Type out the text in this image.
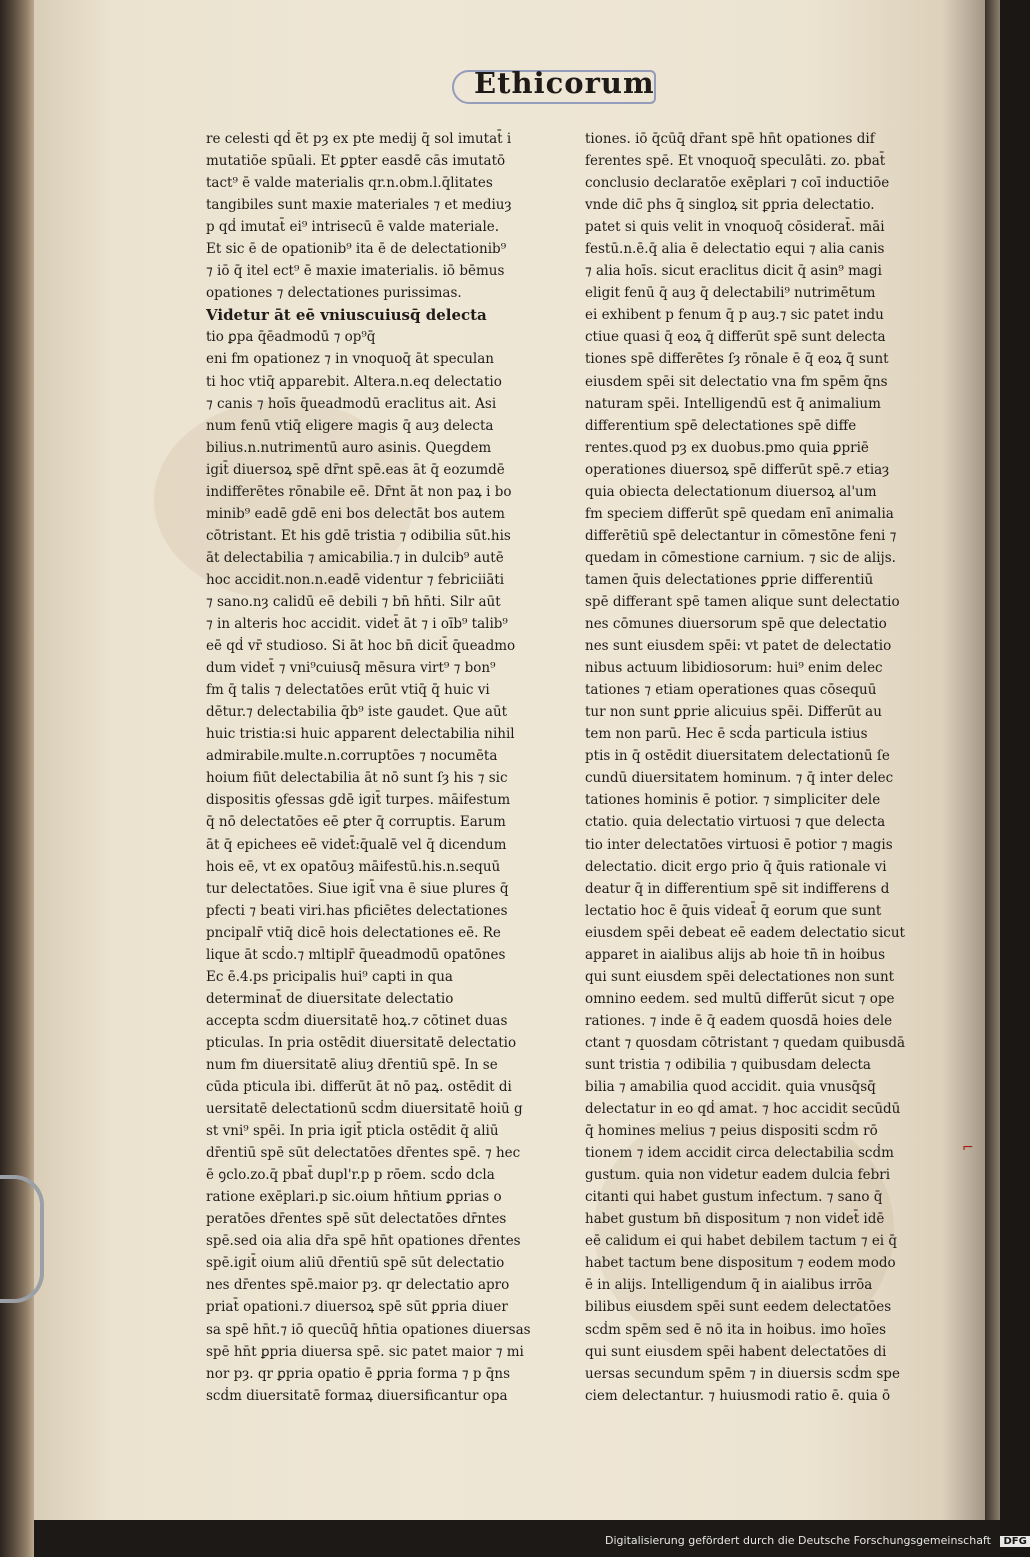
⌐
Ethicorum
re celesti qḋ ēt pȝ ex pte medij q̄ sol imutat̄ i
mutatiōe spūali. Et ꝑpter easdē cās imutatō
tact⁹ ē valde materialis qr.n.obm.l.q̄litates
tangibiles sunt maxie materiales ⁊ et mediuȝ
p qḋ imutat̄ ei⁹ intrisecū ē valde materiale.
Et sic ē de opationib⁹ ita ē de delectationib⁹
⁊ iō q̄ itel ect⁹ ē maxie imaterialis. iō bēmus
opationes ⁊ delectationes purissimas.
Videtur āt eē vniuscuiusq̄ delecta
tio ꝑpa q̄ēadmodū ⁊ op⁹q̄
eni fm opationez ⁊ in vnoquoq̄ āt speculan
ti hoc vtiq̄ apparebit. Altera.n.eq delectatio
⁊ canis ⁊ hoīs q̄ueadmodū eraclitus ait. Asi
num fenū vtiq̄ eligere magis q̄ auȝ delecta
bilius.n.nutrimentū auro asinis. Quegdem
igit̄ diuersoꝝ spē dr̄nt spē.eas āt q̄ eozumdē
indifferētes rōnabile eē. Dr̄nt āt non paꝝ i bo
minib⁹ eadē gdē eni bos delectāt bos autem
cōtristant. Et his gdē tristia ⁊ odibilia sūt.his
āt delectabilia ⁊ amicabilia.⁊ in dulcib⁹ autē
hoc accidit.non.n.eadē videntur ⁊ febriciiāti
⁊ sano.nȝ calidū eē debili ⁊ bn̄ hn̄ti. Silr aūt
⁊ in alteris hoc accidit. videt̄ āt ⁊ i oīb⁹ talib⁹
eē qḋ vr̄ studioso. Si āt hoc bn̄ dicit̄ q̄ueadmo
dum videt̄ ⁊ vni⁹cuiusq̄ mēsura virt⁹ ⁊ bon⁹
fm q̄ talis ⁊ delectatōes erūt vtiq̄ q̄ huic vi
dētur.⁊ delectabilia q̄b⁹ iste gaudet. Que aūt
huic tristia:si huic apparent delectabilia nihil
admirabile.multe.n.corruptōes ⁊ nocumēta
hoium fiūt delectabilia āt nō sunt ſȝ his ⁊ sic
dispositis ꝯfessas gdē igit̄ turpes. māifestum
q̄ nō delectatōes eē ꝑter q̄ corruptis. Earum
āt q̄ epichees eē videt̄:q̄ualē vel q̄ dicendum
hois eē, vt ex opatōuȝ māifestū.his.n.sequū
tur delectatōes. Siue igit̄ vna ē siue plures q̄
pfecti ⁊ beati viri.has pficiētes delectationes
pncipalr̄ vtiq̄ dicē hois delectationes eē. Re
lique āt scḋo.⁊ mltiplr̄ q̄ueadmodū opatōnes
Ec ē.4.ps pricipalis hui⁹ capti in qua
determinat̄ de diuersitate delectatio
accepta scḋm diuersitatē hoꝝ.⁊ cōtinet duas
pticulas. In pria ostēdit diuersitatē delectatio
num fm diuersitatē aliuȝ dr̄entiū spē. In se
cūda pticula ibi. differūt āt nō paꝝ. ostēdit di
uersitatē delectationū scḋm diuersitatē hoiū g
st vni⁹ spēi. In pria igit̄ pticla ostēdit q̄ aliū
dr̄entiū spē sūt delectatōes dr̄entes spē. ⁊ hec
ē ꝯclo.zo.q̄ pbat̄ dupl'r.p p rōem. scḋo dcla
ratione exēplari.p sic.oium hn̄tium ꝑprias o
peratōes dr̄entes spē sūt delectatōes dr̄ntes
spē.sed oia alia dr̄a spē hn̄t opationes dr̄entes
spē.igit̄ oium aliū dr̄entiū spē sūt delectatio
nes dr̄entes spē.maior pȝ. qr delectatio apro
priat̄ opationi.⁊ diuersoꝝ spē sūt ꝑpria diuer
sa spē hn̄t.⁊ iō quecūq̄ hn̄tia opationes diuersas
spē hn̄t ꝑpria diuersa spē. sic patet maior ⁊ mi
nor pȝ. qr ꝑpria opatio ē ꝑpria forma ⁊ p q̄ns
scḋm diuersitatē formaꝝ diuersificantur opa
tiones. iō q̄cūq̄ dr̄ant spē hn̄t opationes dif
ferentes spē. Et vnoquoq̄ speculāti. zo. pbat̄
conclusio declaratōe exēplari ⁊ coī inductiōe
vnde dic̄ phs q̄ singloꝝ sit ꝑpria delectatio.
patet si quis velit in vnoquoq̄ cōsiderat̄. māi
festū.n.ē.q̄ alia ē delectatio equi ⁊ alia canis
⁊ alia hoīs. sicut eraclitus dicit q̄ asin⁹ magi
eligit fenū q̄ auȝ q̄ delectabili⁹ nutrimētum
ei exhibent p fenum q̄ p auȝ.⁊ sic patet indu
ctiue quasi q̄ eoꝝ q̄ differūt spē sunt delecta
tiones spē differētes ſȝ rōnale ē q̄ eoꝝ q̄ sunt
eiusdem spēi sit delectatio vna fm spēm q̄ns
naturam spēi. Intelligendū est q̄ animalium
differentium spē delectationes spē diffe
rentes.quod pȝ ex duobus.pmo quia ꝑpriē
operationes diuersoꝝ spē differūt spē.⁊ etiaȝ
quia obiecta delectationum diuersoꝝ al'um
fm speciem differūt spē quedam enī animalia
differētiū spē delectantur in cōmestōne feni ⁊
quedam in cōmestione carnium. ⁊ sic de alijs.
tamen q̄uis delectationes ꝑprie differentiū
spē differant spē tamen alique sunt delectatio
nes cōmunes diuersorum spē que delectatio
nes sunt eiusdem spēi: vt patet de delectatio
nibus actuum libidiosorum: hui⁹ enim delec
tationes ⁊ etiam operationes quas cōsequū
tur non sunt ꝑprie alicuius spēi. Differūt au
tem non parū. Hec ē scḋa particula istius
ptis in q̄ ostēdit diuersitatem delectationū ſe
cundū diuersitatem hominum. ⁊ q̄ inter delec
tationes hominis ē potior. ⁊ simpliciter dele
ctatio. quia delectatio virtuosi ⁊ que delecta
tio inter delectatōes virtuosi ē potior ⁊ magis
delectatio. dicit ergo prio q̄ q̄uis rationale vi
deatur q̄ in differentium spē sit indifferens d
lectatio hoc ē q̄uis videat̄ q̄ eorum que sunt
eiusdem spēi debeat eē eadem delectatio sicut
apparet in aialibus alijs ab hoie tn̄ in hoibus
qui sunt eiusdem spēi delectationes non sunt
omnino eedem. sed multū differūt sicut ⁊ ope
rationes. ⁊ inde ē q̄ eadem quosdā hoies dele
ctant ⁊ quosdam cōtristant ⁊ quedam quibusdā
sunt tristia ⁊ odibilia ⁊ quibusdam delecta
bilia ⁊ amabilia quod accidit. quia vnusq̄sq̄
delectatur in eo qḋ amat. ⁊ hoc accidit secūdū
q̄ homines melius ⁊ peius dispositi scḋm rō
tionem ⁊ idem accidit circa delectabilia scḋm
gustum. quia non videtur eadem dulcia febri
citanti qui habet gustum infectum. ⁊ sano q̄
habet gustum bn̄ dispositum ⁊ non videt̄ idē
eē calidum ei qui habet debilem tactum ⁊ ei q̄
habet tactum bene dispositum ⁊ eodem modo
ē in alijs. Intelligendum q̄ in aialibus irrōa
bilibus eiusdem spēi sunt eedem delectatōes
scḋm spēm sed ē nō ita in hoibus. imo hoīes
qui sunt eiusdem spēi habent delectatōes di
uersas secundum spēm ⁊ in diuersis scḋm spe
ciem delectantur. ⁊ huiusmodi ratio ē. quia ō
Digitalisierung gefördert durch die Deutsche Forschungsgemeinschaft DFG
